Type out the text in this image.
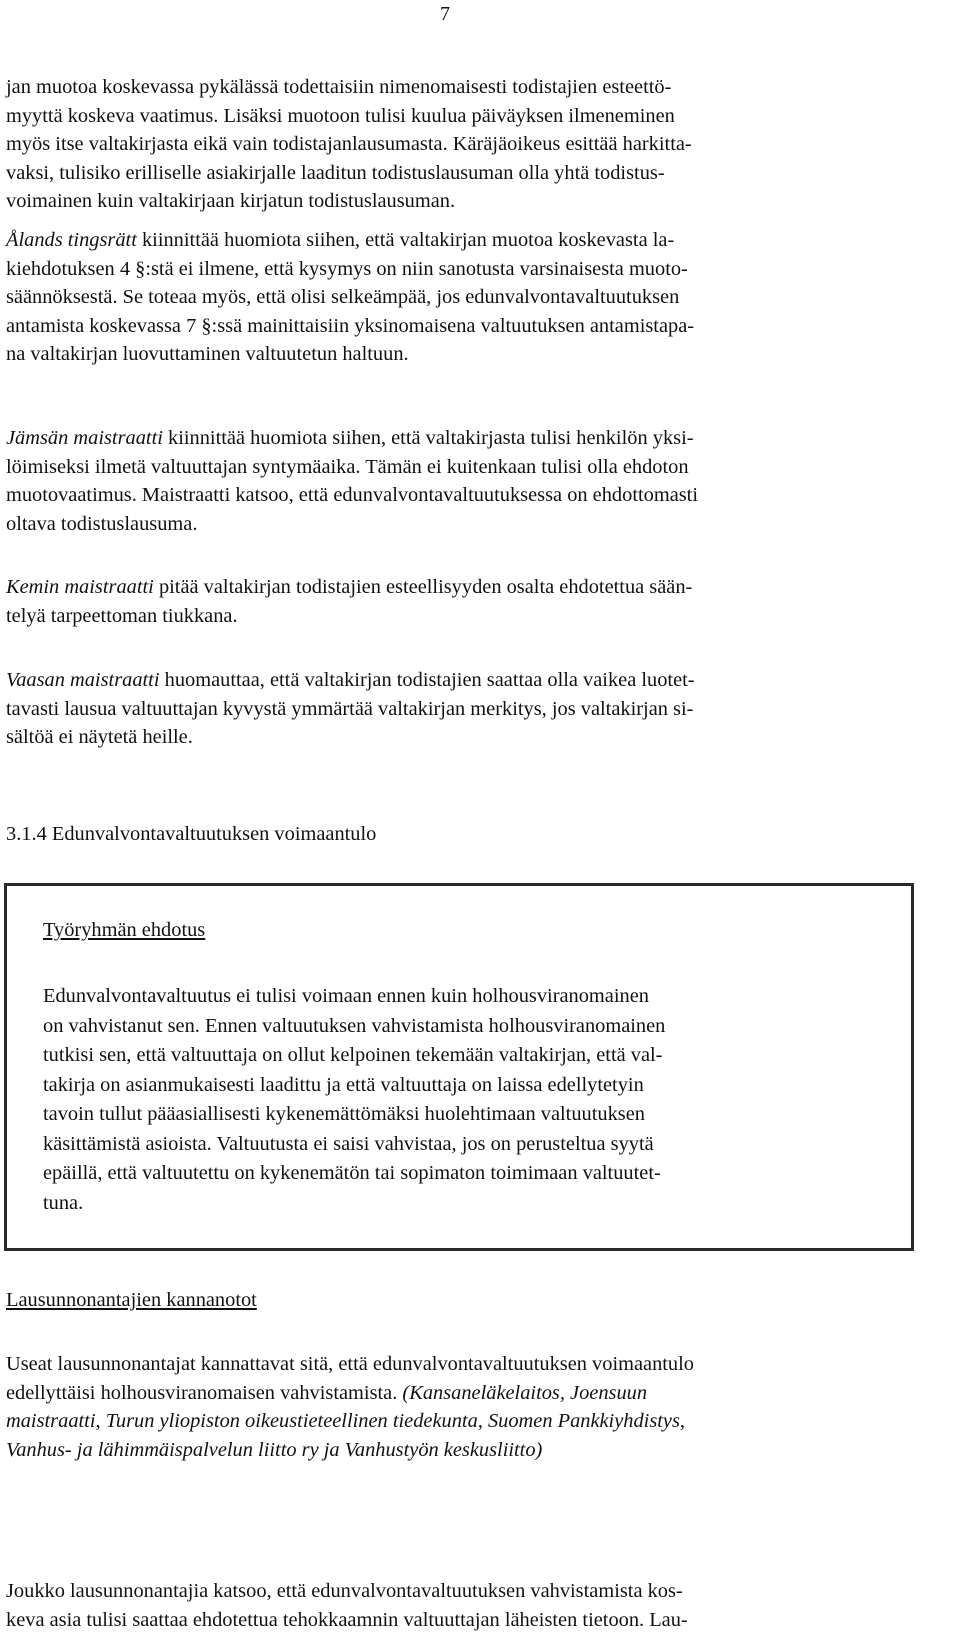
7
jan muotoa koskevassa pykälässä todettaisiin nimenomaisesti todistajien esteettö-
myyttä koskeva vaatimus. Lisäksi muotoon tulisi kuulua päiväyksen ilmeneminen
myös itse valtakirjasta eikä vain todistajanlausumasta. Käräjäoikeus esittää harkitta-
vaksi, tulisiko erilliselle asiakirjalle laaditun todistuslausuman olla yhtä todistus-
voimainen kuin valtakirjaan kirjatun todistuslausuman.
Ålands tingsrätt kiinnittää huomiota siihen, että valtakirjan muotoa koskevasta la-
kiehdotuksen 4 §:stä ei ilmene, että kysymys on niin sanotusta varsinaisesta muoto-
säännöksestä. Se toteaa myös, että olisi selkeämpää, jos edunvalvontavaltuutuksen
antamista koskevassa 7 §:ssä mainittaisiin yksinomaisena valtuutuksen antamistapa-
na valtakirjan luovuttaminen valtuutetun haltuun.
Jämsän maistraatti kiinnittää huomiota siihen, että valtakirjasta tulisi henkilön yksi-
löimiseksi ilmetä valtuuttajan syntymäaika. Tämän ei kuitenkaan tulisi olla ehdoton
muotovaatimus. Maistraatti katsoo, että edunvalvontavaltuutuksessa on ehdottomasti
oltava todistuslausuma.
Kemin maistraatti pitää valtakirjan todistajien esteellisyyden osalta ehdotettua sään-
telyä tarpeettoman tiukkana.
Vaasan maistraatti huomauttaa, että valtakirjan todistajien saattaa olla vaikea luotet-
tavasti lausua valtuuttajan kyvystä ymmärtää valtakirjan merkitys, jos valtakirjan si-
sältöä ei näytetä heille.
3.1.4 Edunvalvontavaltuutuksen voimaantulo

Työryhmän ehdotus

Edunvalvontavaltuutus ei tulisi voimaan ennen kuin holhousviranomainen
on vahvistanut sen. Ennen valtuutuksen vahvistamista holhousviranomainen
tutkisi sen, että valtuuttaja on ollut kelpoinen tekemään valtakirjan, että val-
takirja on asianmukaisesti laadittu ja että valtuuttaja on laissa edellytetyin
tavoin tullut pääasiallisesti kykenemättömäksi huolehtimaan valtuutuksen
käsittämistä asioista. Valtuutusta ei saisi vahvistaa, jos on perusteltua syytä
epäillä, että valtuutettu on kykenemätön tai sopimaton toimimaan valtuutet-
tuna.

Lausunnonantajien kannanotot

Useat lausunnonantajat kannattavat sitä, että edunvalvontavaltuutuksen voimaantulo
edellyttäisi holhousviranomaisen vahvistamista. (Kansaneläkelaitos, Joensuun
maistraatti, Turun yliopiston oikeustieteellinen tiedekunta, Suomen Pankkiyhdistys,
Vanhus- ja lähimmäispalvelun liitto ry ja Vanhustyön keskusliitto)
Joukko lausunnonantajia katsoo, että edunvalvontavaltuutuksen vahvistamista kos-
keva asia tulisi saattaa ehdotettua tehokkaamnin valtuuttajan läheisten tietoon. Lau-
